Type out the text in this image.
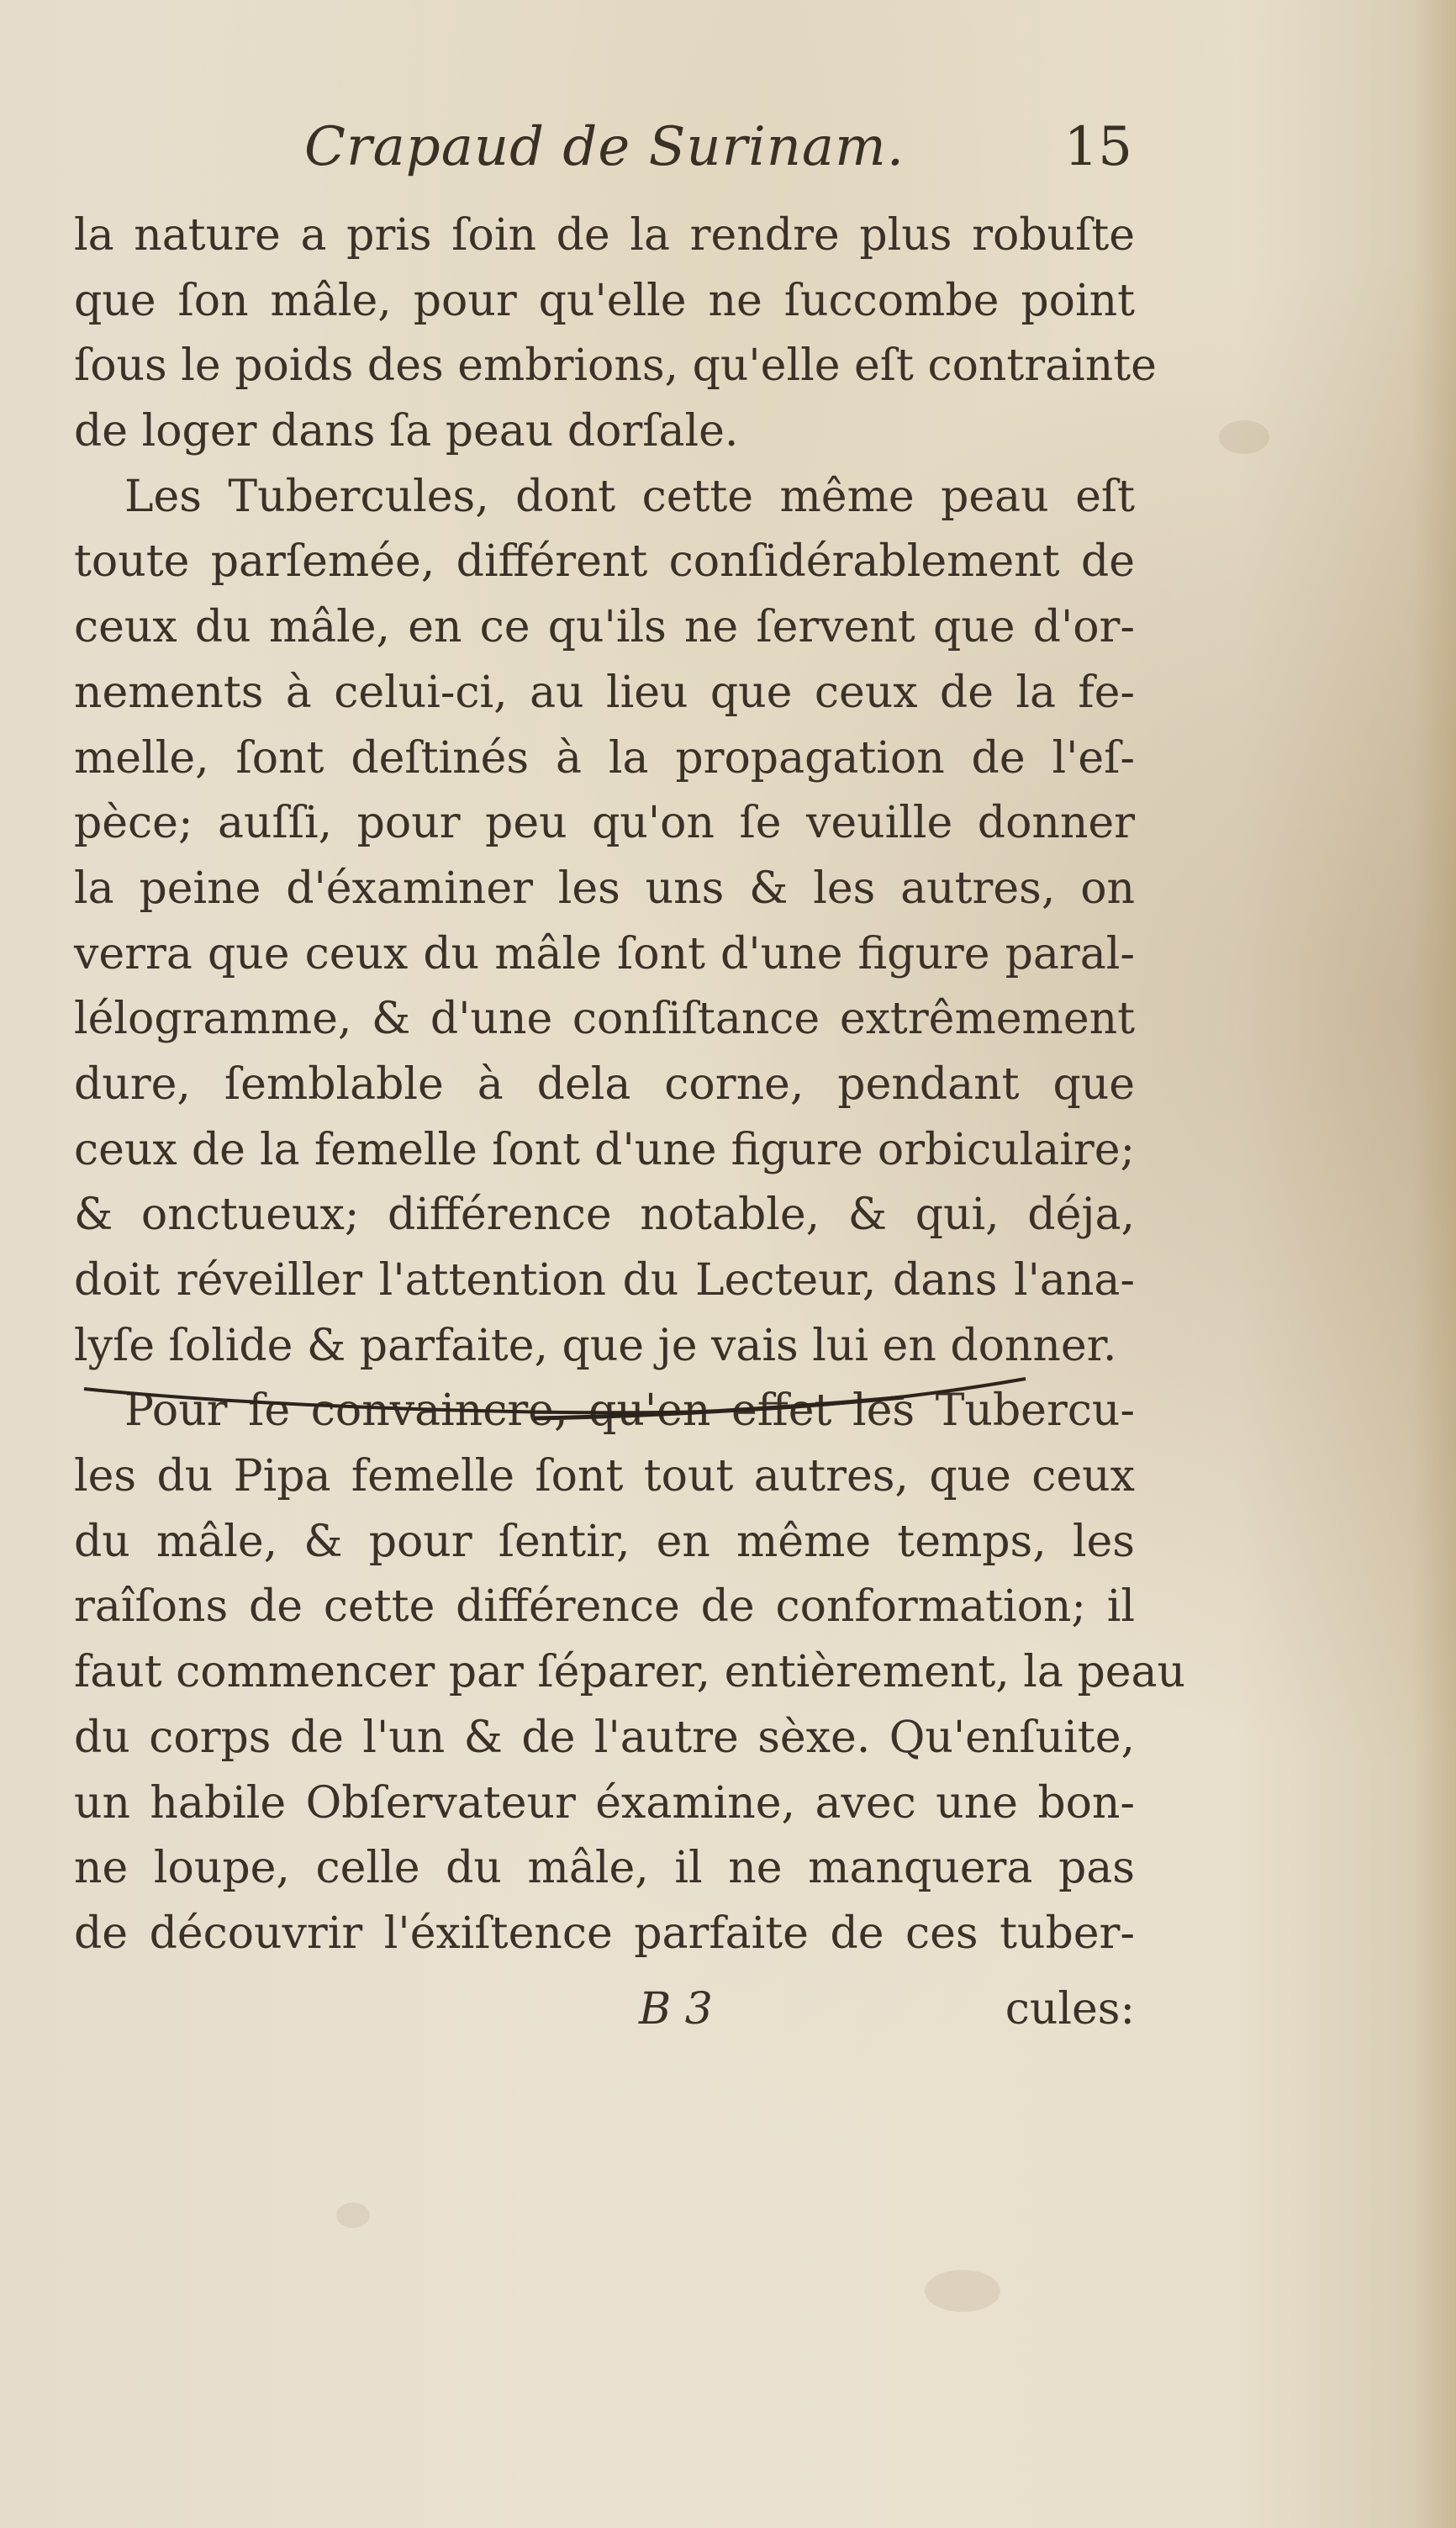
Crapaud de Surinam.	15
la nature a pris ſoin de la rendre plus robuſte
que ſon mâle, pour qu'elle ne ſuccombe point
ſous le poids des embrions, qu'elle eſt contrainte
de loger dans ſa peau dorſale.
Les Tubercules, dont cette même peau eſt
toute parſemée, différent conſidérablement de
ceux du mâle, en ce qu'ils ne ſervent que d'or-
nements à celui-ci, au lieu que ceux de la fe-
melle, ſont deſtinés à la propagation de l'eſ-
pèce; auſſi, pour peu qu'on ſe veuille donner
la peine d'éxaminer les uns & les autres, on
verra que ceux du mâle ſont d'une figure paral-
lélogramme, & d'une conſiſtance extrêmement
dure, ſemblable à dela corne, pendant que
ceux de la femelle ſont d'une figure orbiculaire;
& onctueux; différence notable, & qui, déja,
doit réveiller l'attention du Lecteur, dans l'ana-
lyſe ſolide & parfaite, que je vais lui en donner.
Pour ſe convaincre, qu'en effet les Tubercu-
les du Pipa femelle ſont tout autres, que ceux
du mâle, & pour ſentir, en même temps, les
raîſons de cette différence de conformation; il
faut commencer par ſéparer, entièrement, la peau
du corps de l'un & de l'autre sèxe. Qu'enſuite,
un habile Obſervateur éxamine, avec une bon-
ne loupe, celle du mâle, il ne manquera pas
de découvrir l'éxiſtence parfaite de ces tuber-
B 3	cules:
